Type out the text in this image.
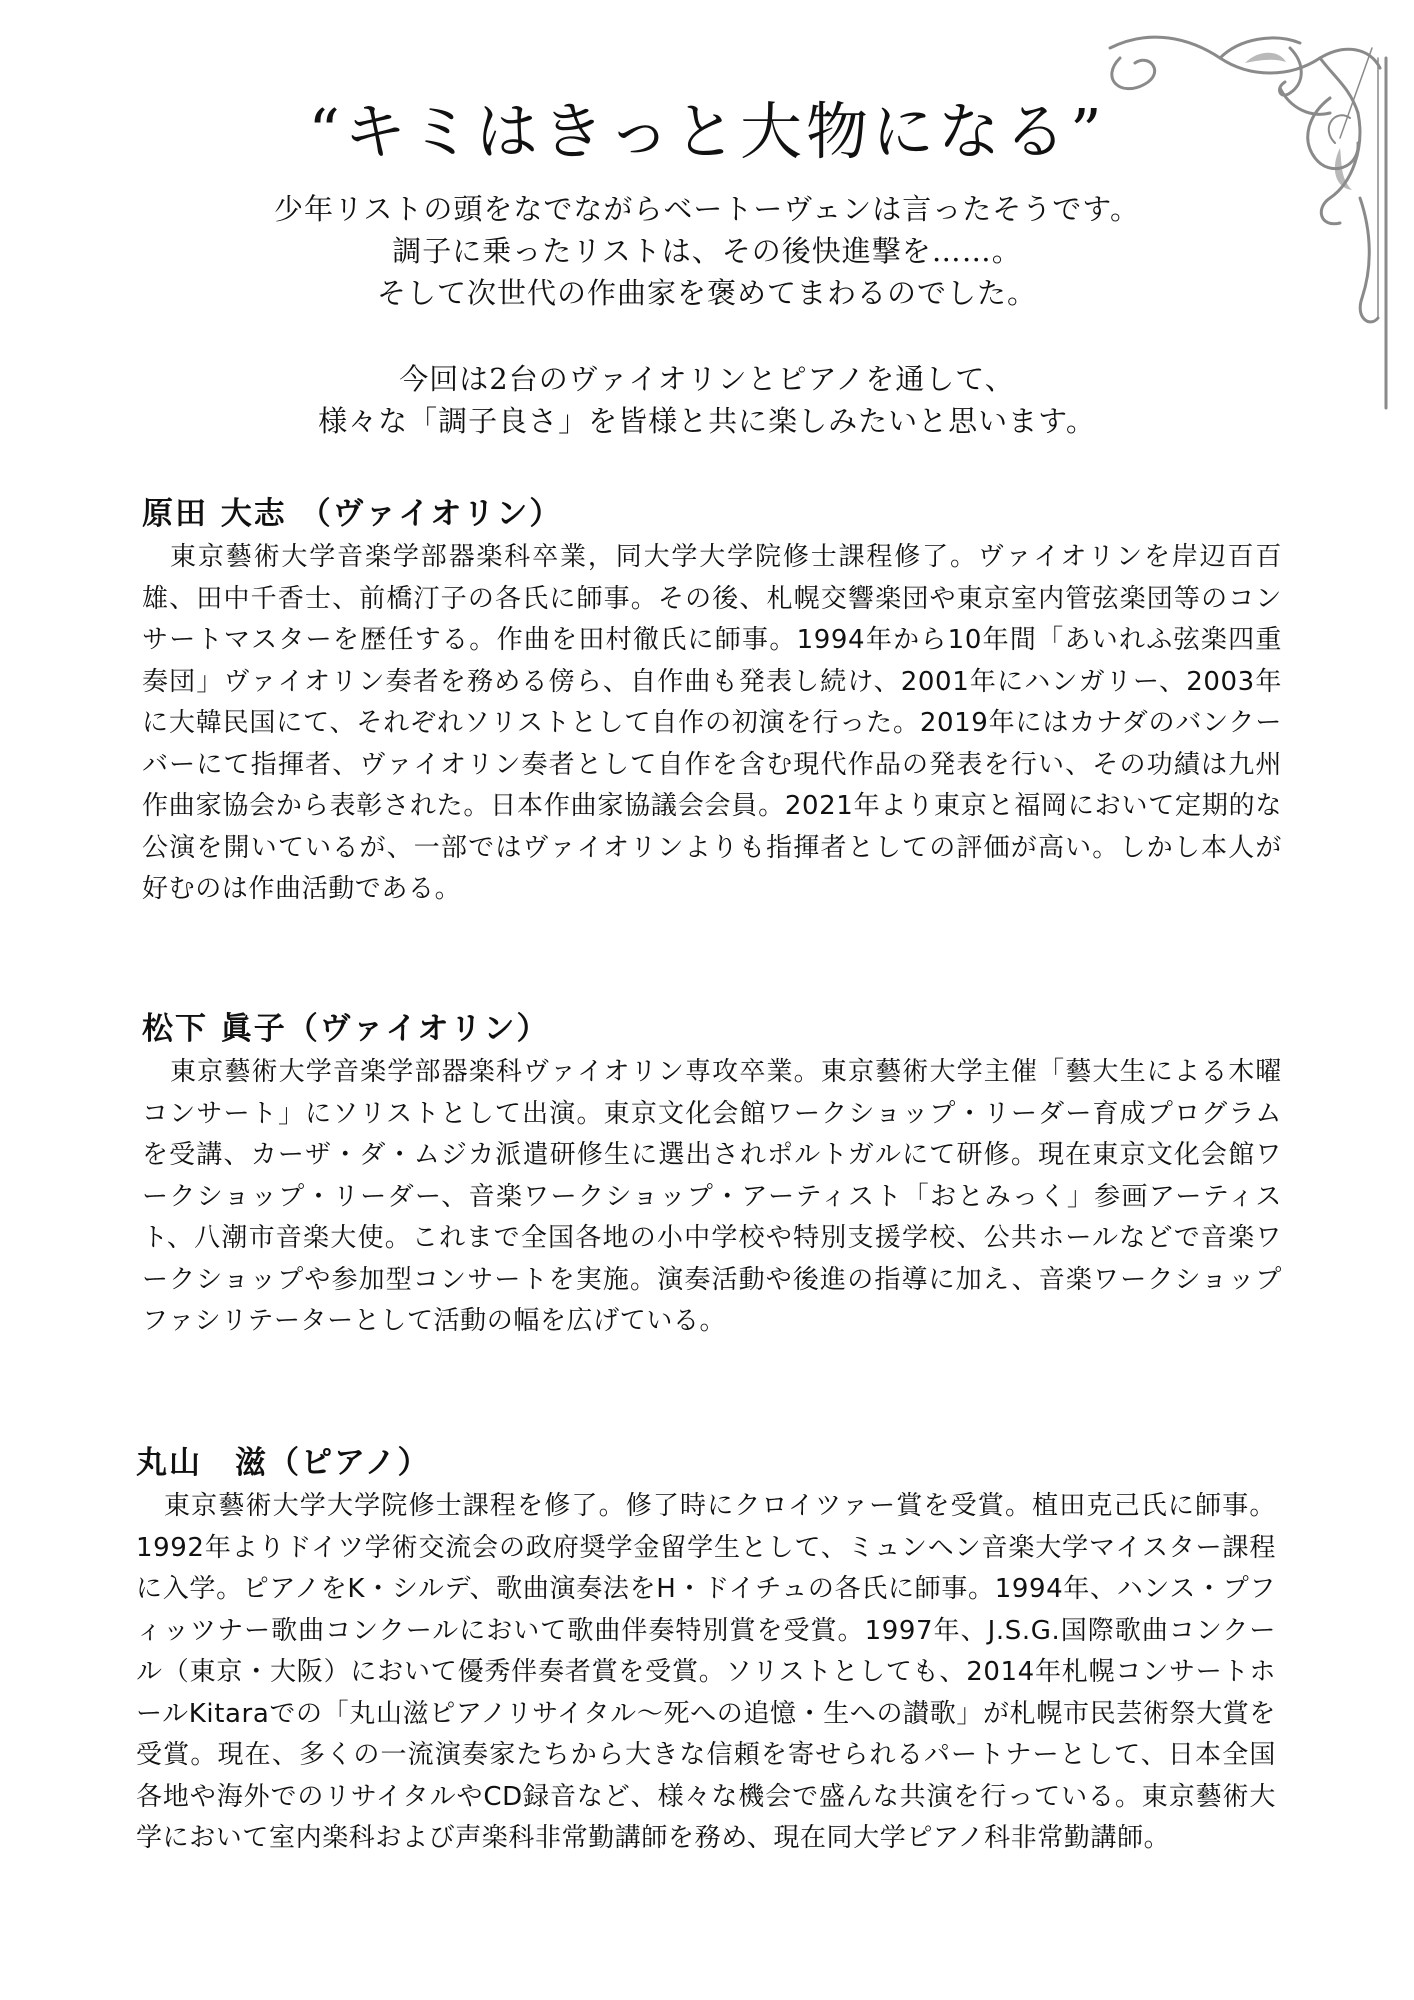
“キミはきっと大物になる”

少年リストの頭をなでながらベートーヴェンは言ったそうです。

調子に乗ったリストは、その後快進撃を……。

そして次世代の作曲家を褒めてまわるのでした。

今回は2台のヴァイオリンとピアノを通して、

様々な「調子良さ」を皆様と共に楽しみたいと思います。

原田 大志 （ヴァイオリン）

東京藝術大学音楽学部器楽科卒業，同大学大学院修士課程修了。ヴァイオリンを岸辺百百雄、田中千香士、前橋汀子の各氏に師事。その後、札幌交響楽団や東京室内管弦楽団等のコンサートマスターを歴任する。作曲を田村徹氏に師事。1994年から10年間「あいれふ弦楽四重奏団」ヴァイオリン奏者を務める傍ら、自作曲も発表し続け、2001年にハンガリー、2003年に大韓民国にて、それぞれソリストとして自作の初演を行った。2019年にはカナダのバンクーバーにて指揮者、ヴァイオリン奏者として自作を含む現代作品の発表を行い、その功績は九州作曲家協会から表彰された。日本作曲家協議会会員。2021年より東京と福岡において定期的な公演を開いているが、一部ではヴァイオリンよりも指揮者としての評価が高い。しかし本人が好むのは作曲活動である。

松下 眞子（ヴァイオリン）

東京藝術大学音楽学部器楽科ヴァイオリン専攻卒業。東京藝術大学主催「藝大生による木曜コンサート」にソリストとして出演。東京文化会館ワークショップ・リーダー育成プログラムを受講、カーザ・ダ・ムジカ派遣研修生に選出されポルトガルにて研修。現在東京文化会館ワークショップ・リーダー、音楽ワークショップ・アーティスト「おとみっく」参画アーティスト、八潮市音楽大使。これまで全国各地の小中学校や特別支援学校、公共ホールなどで音楽ワークショップや参加型コンサートを実施。演奏活動や後進の指導に加え、音楽ワークショップファシリテーターとして活動の幅を広げている。

丸山　滋（ピアノ）

東京藝術大学大学院修士課程を修了。修了時にクロイツァー賞を受賞。植田克己氏に師事。1992年よりドイツ学術交流会の政府奨学金留学生として、ミュンヘン音楽大学マイスター課程に入学。ピアノをK・シルデ、歌曲演奏法をH・ドイチュの各氏に師事。1994年、ハンス・プフィッツナー歌曲コンクールにおいて歌曲伴奏特別賞を受賞。1997年、J.S.G.国際歌曲コンクール（東京・大阪）において優秀伴奏者賞を受賞。ソリストとしても、2014年札幌コンサートホールKitaraでの「丸山滋ピアノリサイタル～死への追憶・生への讃歌」が札幌市民芸術祭大賞を受賞。現在、多くの一流演奏家たちから大きな信頼を寄せられるパートナーとして、日本全国各地や海外でのリサイタルやCD録音など、様々な機会で盛んな共演を行っている。東京藝術大学において室内楽科および声楽科非常勤講師を務め、現在同大学ピアノ科非常勤講師。
